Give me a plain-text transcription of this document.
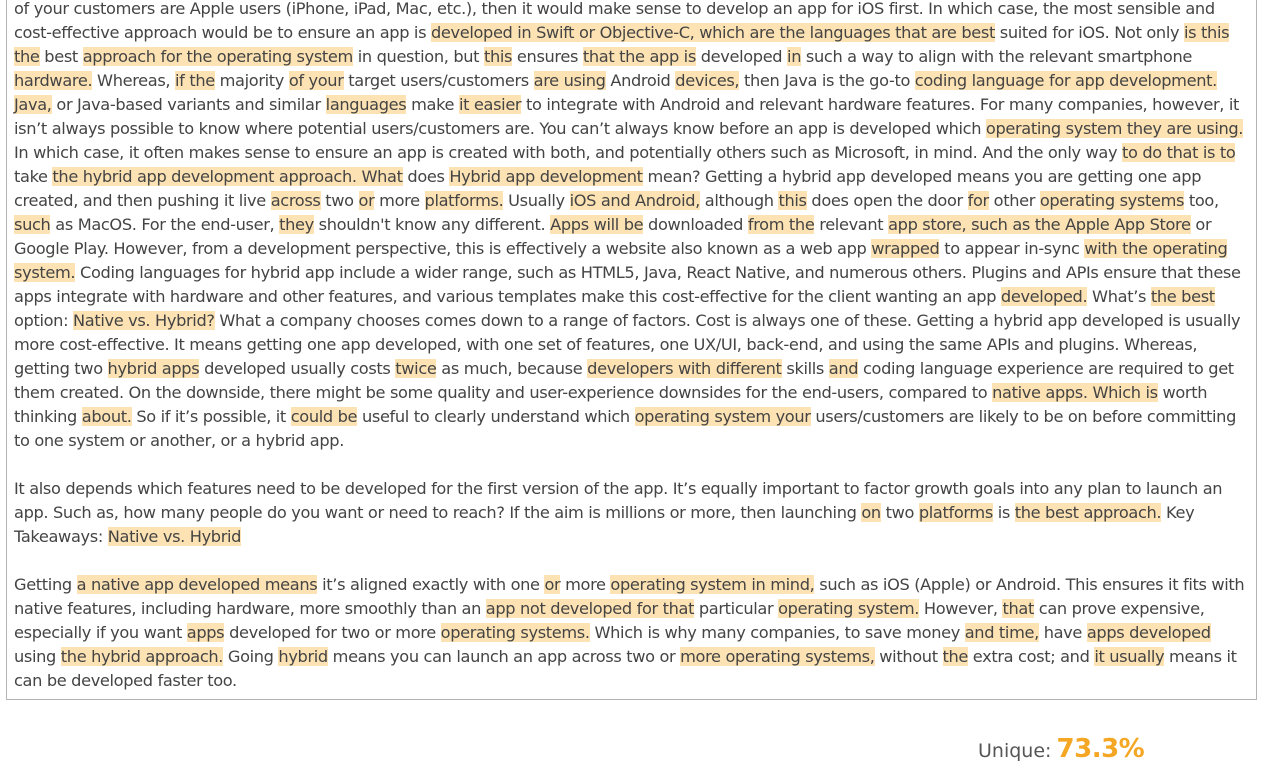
of your customers are Apple users (iPhone, iPad, Mac, etc.), then it would make sense to develop an app for iOS first. In which case, the most sensible and cost-effective approach would be to ensure an app is developed in Swift or Objective-C, which are the languages that are best suited for iOS. Not only is this the best approach for the operating system in question, but this ensures that the app is developed in such a way to align with the relevant smartphone hardware. Whereas, if the majority of your target users/customers are using Android devices, then Java is the go-to coding language for app development. Java, or Java-based variants and similar languages make it easier to integrate with Android and relevant hardware features. For many companies, however, it isn’t always possible to know where potential users/customers are. You can’t always know before an app is developed which operating system they are using. In which case, it often makes sense to ensure an app is created with both, and potentially others such as Microsoft, in mind. And the only way to do that is to take the hybrid app development approach. What does Hybrid app development mean? Getting a hybrid app developed means you are getting one app created, and then pushing it live across two or more platforms. Usually iOS and Android, although this does open the door for other operating systems too, such as MacOS. For the end-user, they shouldn't know any different. Apps will be downloaded from the relevant app store, such as the Apple App Store or Google Play. However, from a development perspective, this is effectively a website also known as a web app wrapped to appear in-sync with the operating system. Coding languages for hybrid app include a wider range, such as HTML5, Java, React Native, and numerous others. Plugins and APIs ensure that these apps integrate with hardware and other features, and various templates make this cost-effective for the client wanting an app developed. What’s the best option: Native vs. Hybrid? What a company chooses comes down to a range of factors. Cost is always one of these. Getting a hybrid app developed is usually more cost-effective. It means getting one app developed, with one set of features, one UX/UI, back-end, and using the same APIs and plugins. Whereas, getting two hybrid apps developed usually costs twice as much, because developers with different skills and coding language experience are required to get them created. On the downside, there might be some quality and user-experience downsides for the end-users, compared to native apps. Which is worth thinking about. So if it’s possible, it could be useful to clearly understand which operating system your users/customers are likely to be on before committing to one system or another, or a hybrid app.

It also depends which features need to be developed for the first version of the app. It’s equally important to factor growth goals into any plan to launch an app. Such as, how many people do you want or need to reach? If the aim is millions or more, then launching on two platforms is the best approach. Key Takeaways: Native vs. Hybrid

Getting a native app developed means it’s aligned exactly with one or more operating system in mind, such as iOS (Apple) or Android. This ensures it fits with native features, including hardware, more smoothly than an app not developed for that particular operating system. However, that can prove expensive, especially if you want apps developed for two or more operating systems. Which is why many companies, to save money and time, have apps developed using the hybrid approach. Going hybrid means you can launch an app across two or more operating systems, without the extra cost; and it usually means it can be developed faster too.

Unique: 73.3%
